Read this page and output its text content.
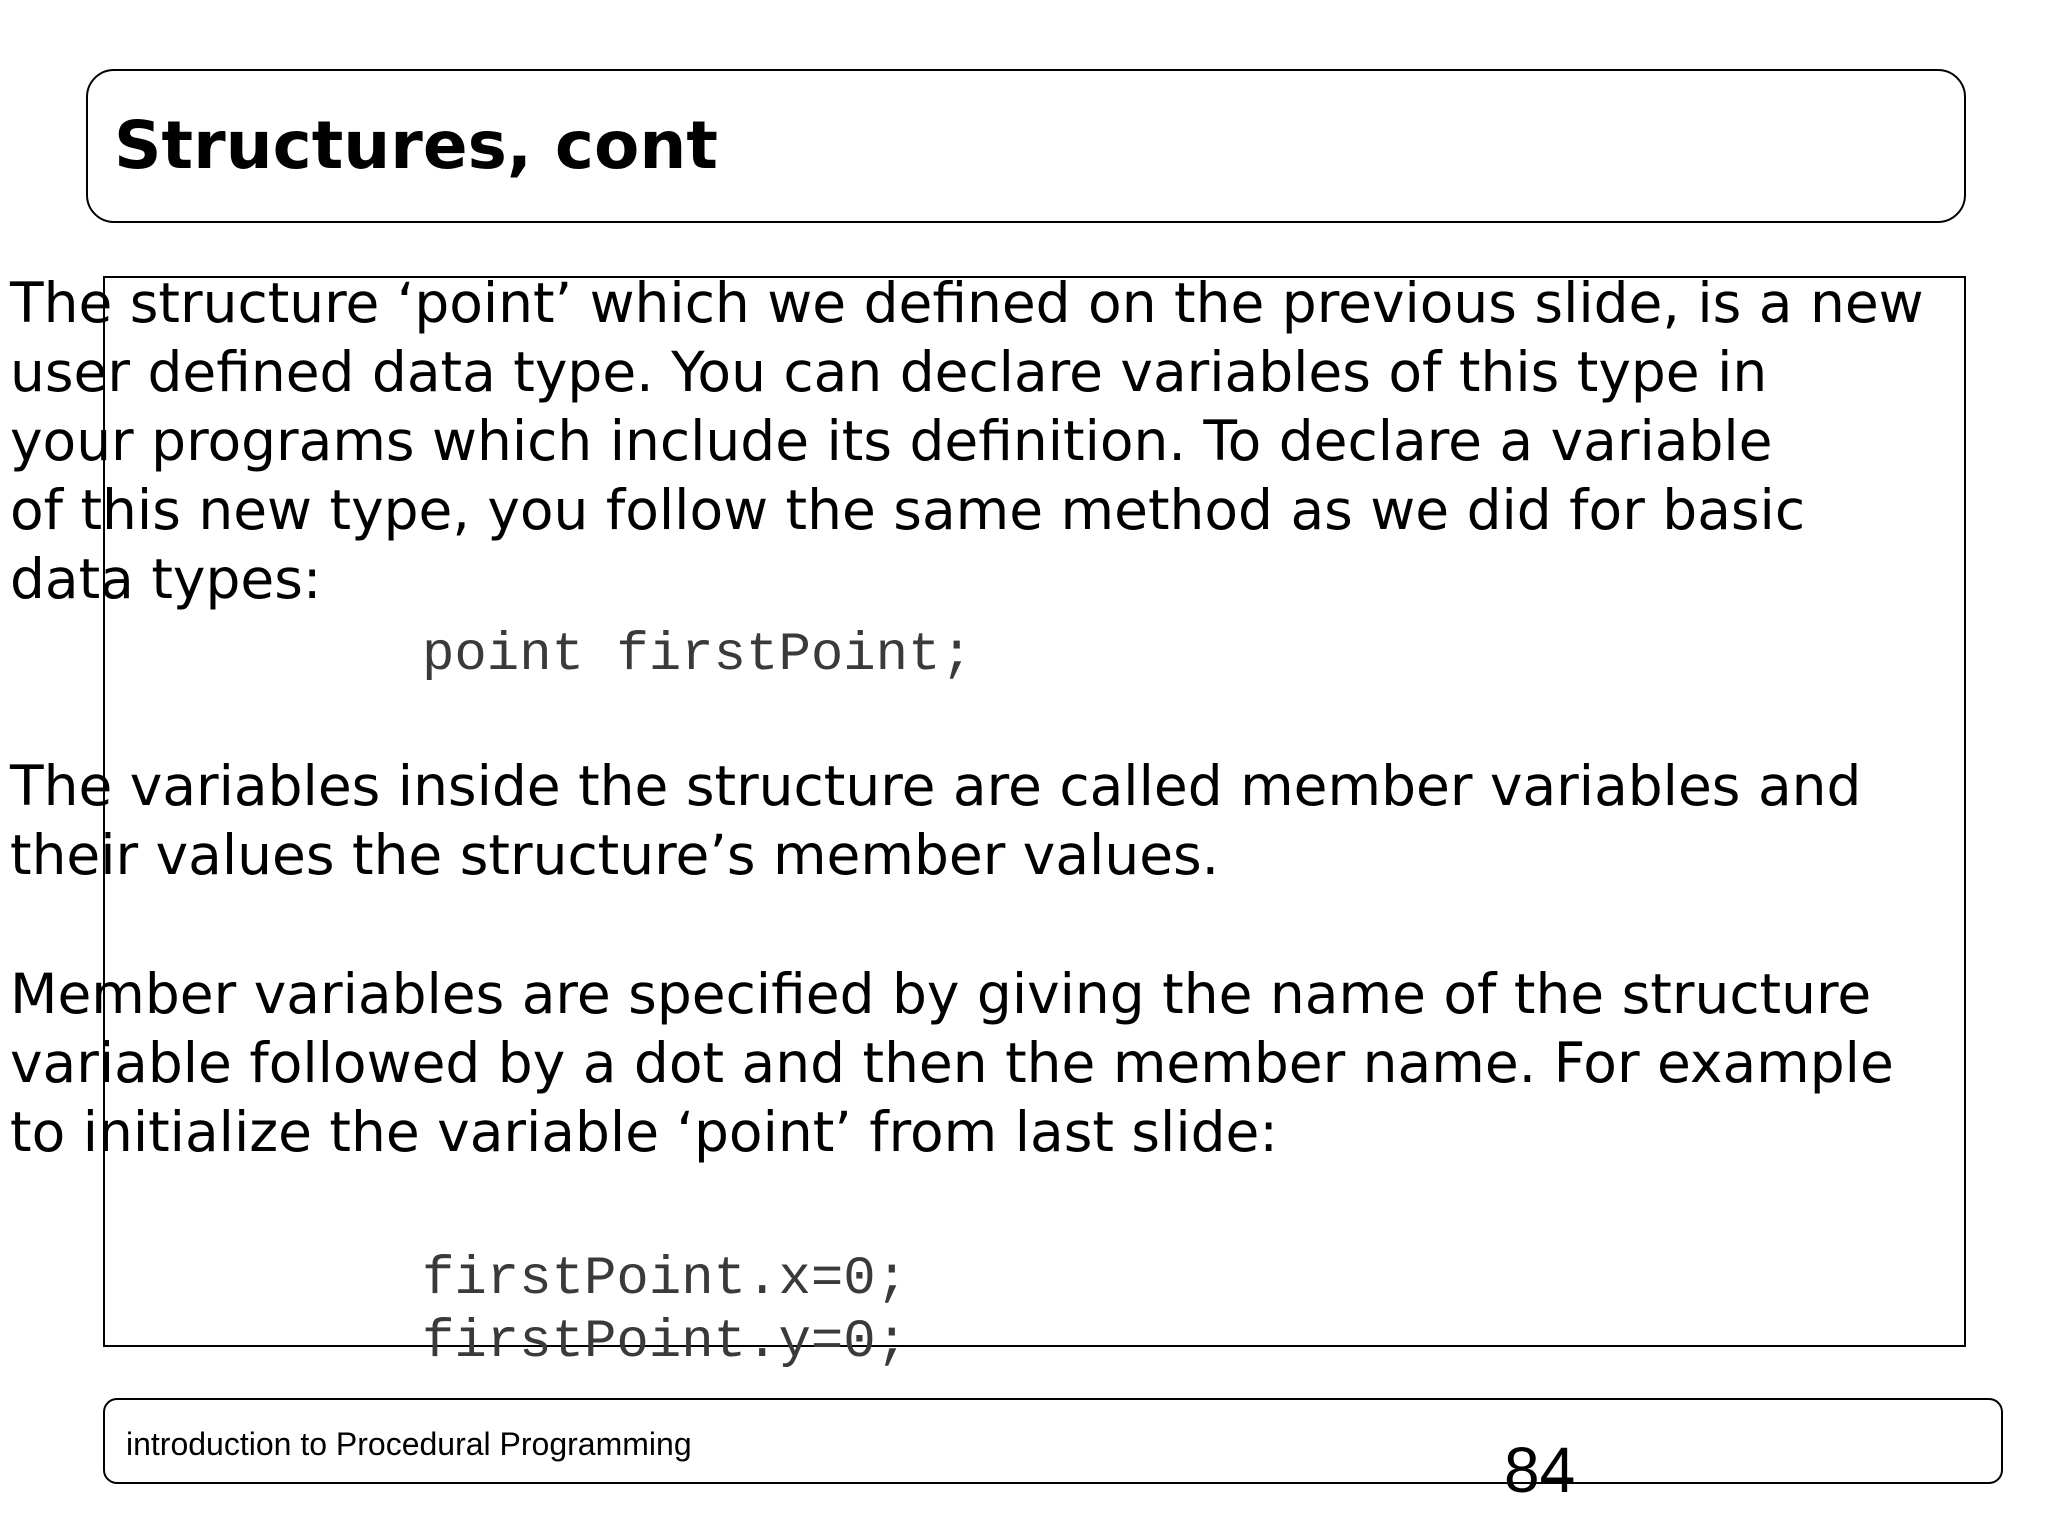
Structures, cont

The structure ‘point’ which we defined on the previous slide, is a new

user defined data type. You can declare variables of this type in

your programs which include its definition. To declare a variable

of this new type, you follow the same method as we did for basic

data types:

point firstPoint;

The variables inside the structure are called member variables and

their values the structure’s member values.

Member variables are specified by giving the name of the structure

variable followed by a dot and then the member name. For example

to initialize the variable ‘point’ from last slide:

firstPoint.x=0;

firstPoint.y=0;

introduction to Procedural Programming	84
